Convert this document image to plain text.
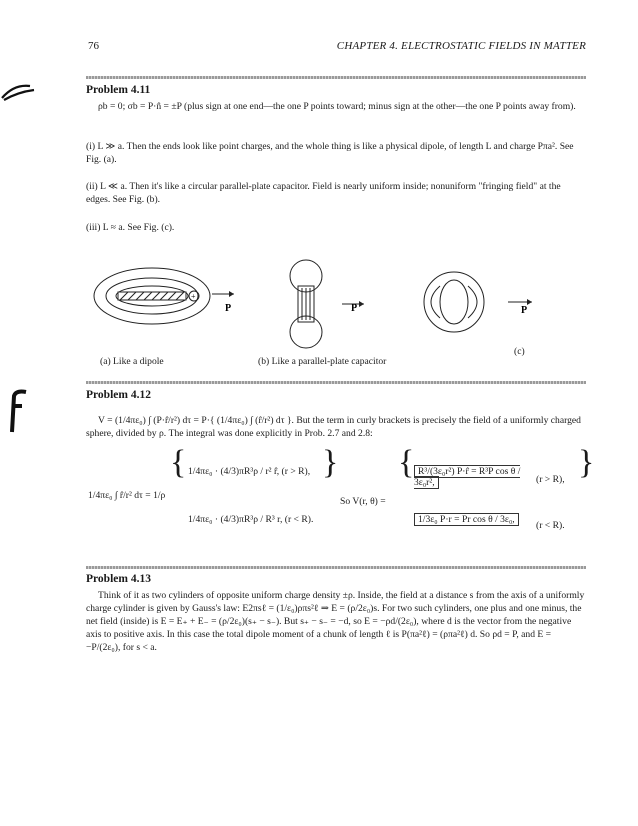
76	CHAPTER 4. ELECTROSTATIC FIELDS IN MATTER
Problem 4.11
ρb = 0; σb = P·n̂ = ±P (plus sign at one end—the one P points toward; minus sign at the other—the one P points away from).
(i) L ≫ a. Then the ends look like point charges, and the whole thing is like a physical dipole, of length L and charge Pπa². See Fig. (a).
(ii) L ≪ a. Then it's like a circular parallel-plate capacitor. Field is nearly uniform inside; nonuniform "fringing field" at the edges. See Fig. (b).
(iii) L ≈ a. See Fig. (c).
+
P	P	P
(a) Like a dipole	(b) Like a parallel-plate capacitor
(c)
Problem 4.12
V = (1/4πε₀) ∫ (P·r̂/r²) dτ = P·{ (1/4πε₀) ∫ (r̂/r²) dτ }. But the term in curly brackets is precisely the field of a uniformly charged sphere, divided by ρ. The integral was done explicitly in Prob. 2.7 and 2.8:
1/4πε₀ ∫ r̂/r² dτ = 1/ρ
{ 1/4πε₀ · (4/3)πR³ρ / r² r̂, (r > R),
1/4πε₀ · (4/3)πR³ρ / R³ r, (r < R).
}
So V(r, θ) =
{ R³/(3ε₀r²) P·r̂ = R³P cos θ / 3ε₀r²,	(r > R),
1/3ε₀ P·r = Pr cos θ / 3ε₀,
(r < R).
}
Problem 4.13
Think of it as two cylinders of opposite uniform charge density ±ρ. Inside, the field at a distance s from the axis of a uniformly charge cylinder is given by Gauss's law: E2πsℓ = (1/ε₀)ρπs²ℓ ⇒ E = (ρ/2ε₀)s. For two such cylinders, one plus and one minus, the net field (inside) is E = E₊ + E₋ = (ρ/2ε₀)(s₊ − s₋). But s₊ − s₋ = −d, so E = −ρd/(2ε₀), where d is the vector from the negative axis to positive axis. In this case the total dipole moment of a chunk of length ℓ is P(πa²ℓ) = (ρπa²ℓ) d. So ρd = P, and E = −P/(2ε₀), for s < a.
